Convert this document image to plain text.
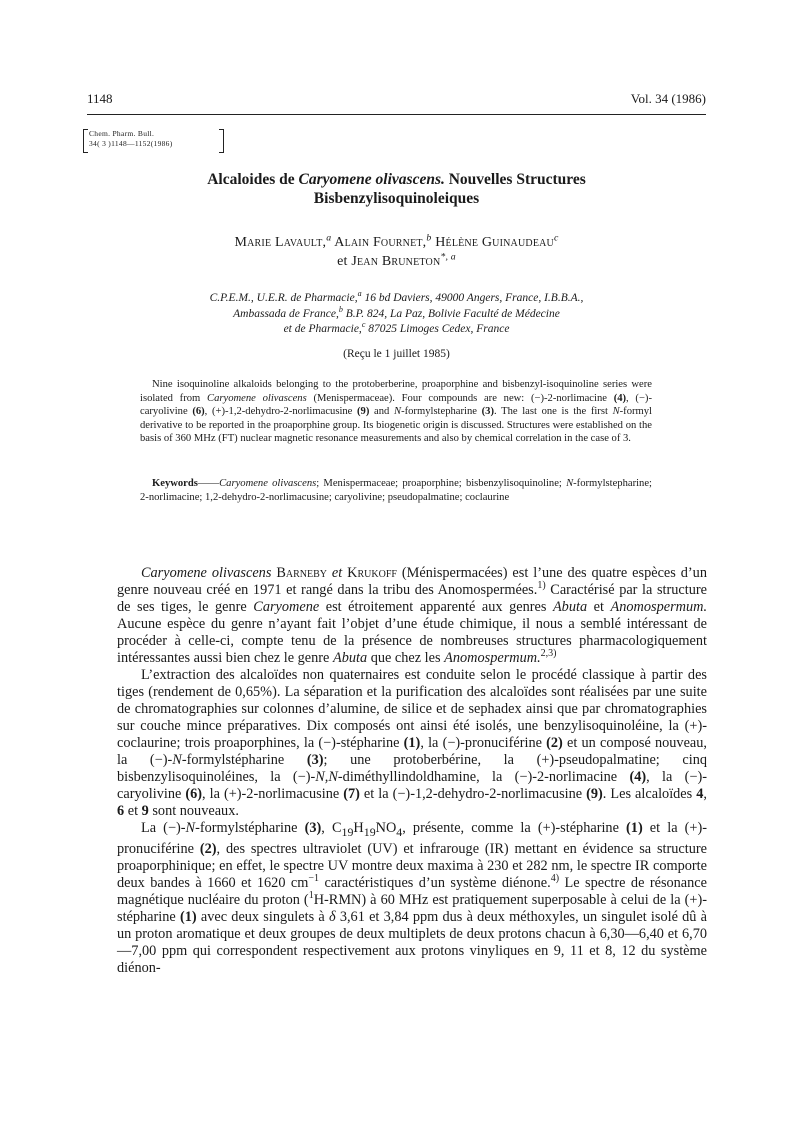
1148	Vol. 34 (1986)
Chem. Pharm. Bull.
34( 3 )1148—1152(1986)
Alcaloides de Caryomene olivascens. Nouvelles Structures
Bisbenzylisoquinoleiques
Marie Lavault,$^a$ Alain Fournet,$^b$ Hélène Guinaudeau$^c$
et Jean Bruneton$^{*, a}$
C.P.E.M., U.E.R. de Pharmacie,$^a$ 16 bd Daviers, 49000 Angers, France, I.B.B.A.,
Ambassada de France,$^b$ B.P. 824, La Paz, Bolivie Faculté de Médecine
et de Pharmacie,$^c$ 87025 Limoges Cedex, France
(Reçu le 1 juillet 1985)

Nine isoquinoline alkaloids belonging to the protoberberine, proaporphine and bisbenzyl-isoquinoline series were isolated from Caryomene olivascens (Menispermaceae). Four compounds are new: (−)-2-norlimacine (4), (−)-caryolivine (6), (+)-1,2-dehydro-2-norlimacusine (9) and N-formylstepharine (3). The last one is the first N-formyl derivative to be reported in the proaporphine group. Its biogenetic origin is discussed. Structures were established on the basis of 360 MHz (FT) nuclear magnetic resonance measurements and also by chemical correlation in the case of 3.

Keywords——Caryomene olivascens; Menispermaceae; proaporphine; bisbenzylisoquinoline; N-formylstepharine; 2-norlimacine; 1,2-dehydro-2-norlimacusine; caryolivine; pseudopalmatine; coclaurine

Caryomene olivascens Barneby et Krukoff (Ménispermacées) est l’une des quatre espèces d’un genre nouveau créé en 1971 et rangé dans la tribu des Anomospermées.$^{1)}$ Caractérisé par la structure de ses tiges, le genre Caryomene est étroitement apparenté aux genres Abuta et Anomospermum. Aucune espèce du genre n’ayant fait l’objet d’une étude chimique, il nous a semblé intéressant de procéder à celle-ci, compte tenu de la présence de nombreuses structures pharmacologiquement intéressantes aussi bien chez le genre Abuta que chez les Anomospermum.$^{2,3)}$

L’extraction des alcaloïdes non quaternaires est conduite selon le procédé classique à partir des tiges (rendement de 0,65%). La séparation et la purification des alcaloïdes sont réalisées par une suite de chromatographies sur colonnes d’alumine, de silice et de sephadex ainsi que par chromatographies sur couche mince préparatives. Dix composés ont ainsi été isolés, une benzylisoquinoléine, la (+)-coclaurine; trois proaporphines, la (−)-stépharine (1), la (−)-pronuciférine (2) et un composé nouveau, la (−)-N-formylstépharine (3); une protoberbérine, la (+)-pseudopalmatine; cinq bisbenzylisoquinoléines, la (−)-N,N-diméthyllindoldhamine, la (−)-2-norlimacine (4), la (−)-caryolivine (6), la (+)-2-norlimacusine (7) et la (−)-1,2-dehydro-2-norlimacusine (9). Les alcaloïdes 4, 6 et 9 sont nouveaux.

La (−)-N-formylstépharine (3), $C_{19}H_{19}NO_4$, présente, comme la (+)-stépharine (1) et la (+)-pronuciférine (2), des spectres ultraviolet (UV) et infrarouge (IR) mettant en évidence sa structure proaporphinique; en effet, le spectre UV montre deux maxima à 230 et 282 nm, le spectre IR comporte deux bandes à 1660 et 1620 $cm^{-1}$ caractéristiques d’un système diénone.$^{4)}$ Le spectre de résonance magnétique nucléaire du proton ($^1$H-RMN) à 60 MHz est pratiquement superposable à celui de la (+)-stépharine (1) avec deux singulets à δ 3,61 et 3,84 ppm dus à deux méthoxyles, un singulet isolé dû à un proton aromatique et deux groupes de deux multiplets de deux protons chacun à 6,30—6,40 et 6,70—7,00 ppm qui correspondent respectivement aux protons vinyliques en 9, 11 et 8, 12 du système diénon-
